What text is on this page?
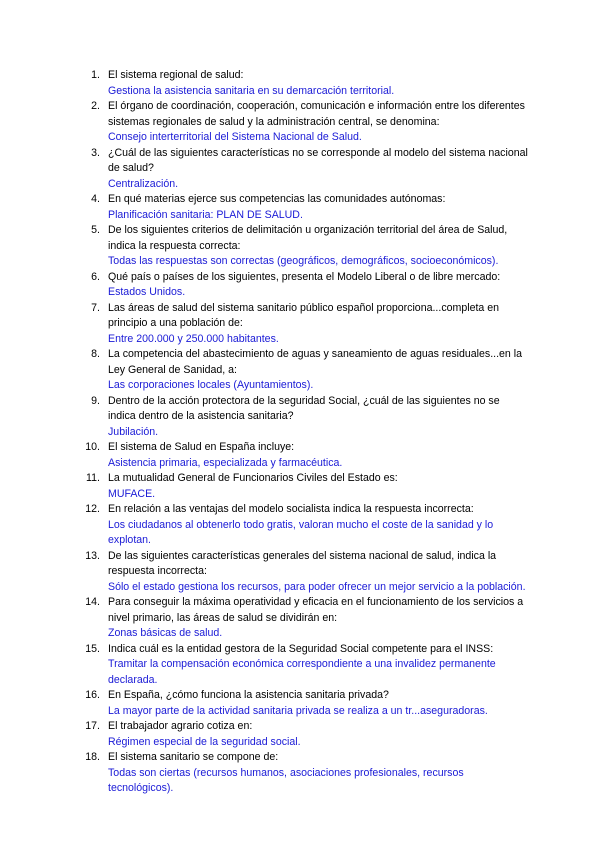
1. El sistema regional de salud:
Gestiona la asistencia sanitaria en su demarcación territorial.
2. El órgano de coordinación, cooperación, comunicación e información entre los diferentes sistemas regionales de salud y la administración central, se denomina:
Consejo interterritorial del Sistema Nacional de Salud.
3. ¿Cuál de las siguientes características no se corresponde al modelo del sistema nacional de salud?
Centralización.
4. En qué materias ejerce sus competencias las comunidades autónomas:
Planificación sanitaria: PLAN DE SALUD.
5. De los siguientes criterios de delimitación u organización territorial del área de Salud, indica la respuesta correcta:
Todas las respuestas son correctas (geográficos, demográficos, socioeconómicos).
6. Qué país o países de los siguientes, presenta el Modelo Liberal o de libre mercado:
Estados Unidos.
7. Las áreas de salud del sistema sanitario público español proporciona...completa en principio a una población de:
Entre 200.000 y 250.000 habitantes.
8. La competencia del abastecimiento de aguas y saneamiento de aguas residuales...en la Ley General de Sanidad, a:
Las corporaciones locales (Ayuntamientos).
9. Dentro de la acción protectora de la seguridad Social, ¿cuál de las siguientes no se indica dentro de la asistencia sanitaria?
Jubilación.
10. El sistema de Salud en España incluye:
Asistencia primaria, especializada y farmacéutica.
11. La mutualidad General de Funcionarios Civiles del Estado es:
MUFACE.
12. En relación a las ventajas del modelo socialista indica la respuesta incorrecta:
Los ciudadanos al obtenerlo todo gratis, valoran mucho el coste de la sanidad y lo explotan.
13. De las siguientes características generales del sistema nacional de salud, indica la respuesta incorrecta:
Sólo el estado gestiona los recursos, para poder ofrecer un mejor servicio a la población.
14. Para conseguir la máxima operatividad y eficacia en el funcionamiento de los servicios a nivel primario, las áreas de salud se dividirán en:
Zonas básicas de salud.
15. Indica cuál es la entidad gestora de la Seguridad Social competente para el INSS:
Tramitar la compensación económica correspondiente a una invalidez permanente declarada.
16. En España, ¿cómo funciona la asistencia sanitaria privada?
La mayor parte de la actividad sanitaria privada se realiza a un tr...aseguradoras.
17. El trabajador agrario cotiza en:
Régimen especial de la seguridad social.
18. El sistema sanitario se compone de:
Todas son ciertas (recursos humanos, asociaciones profesionales, recursos tecnológicos).
